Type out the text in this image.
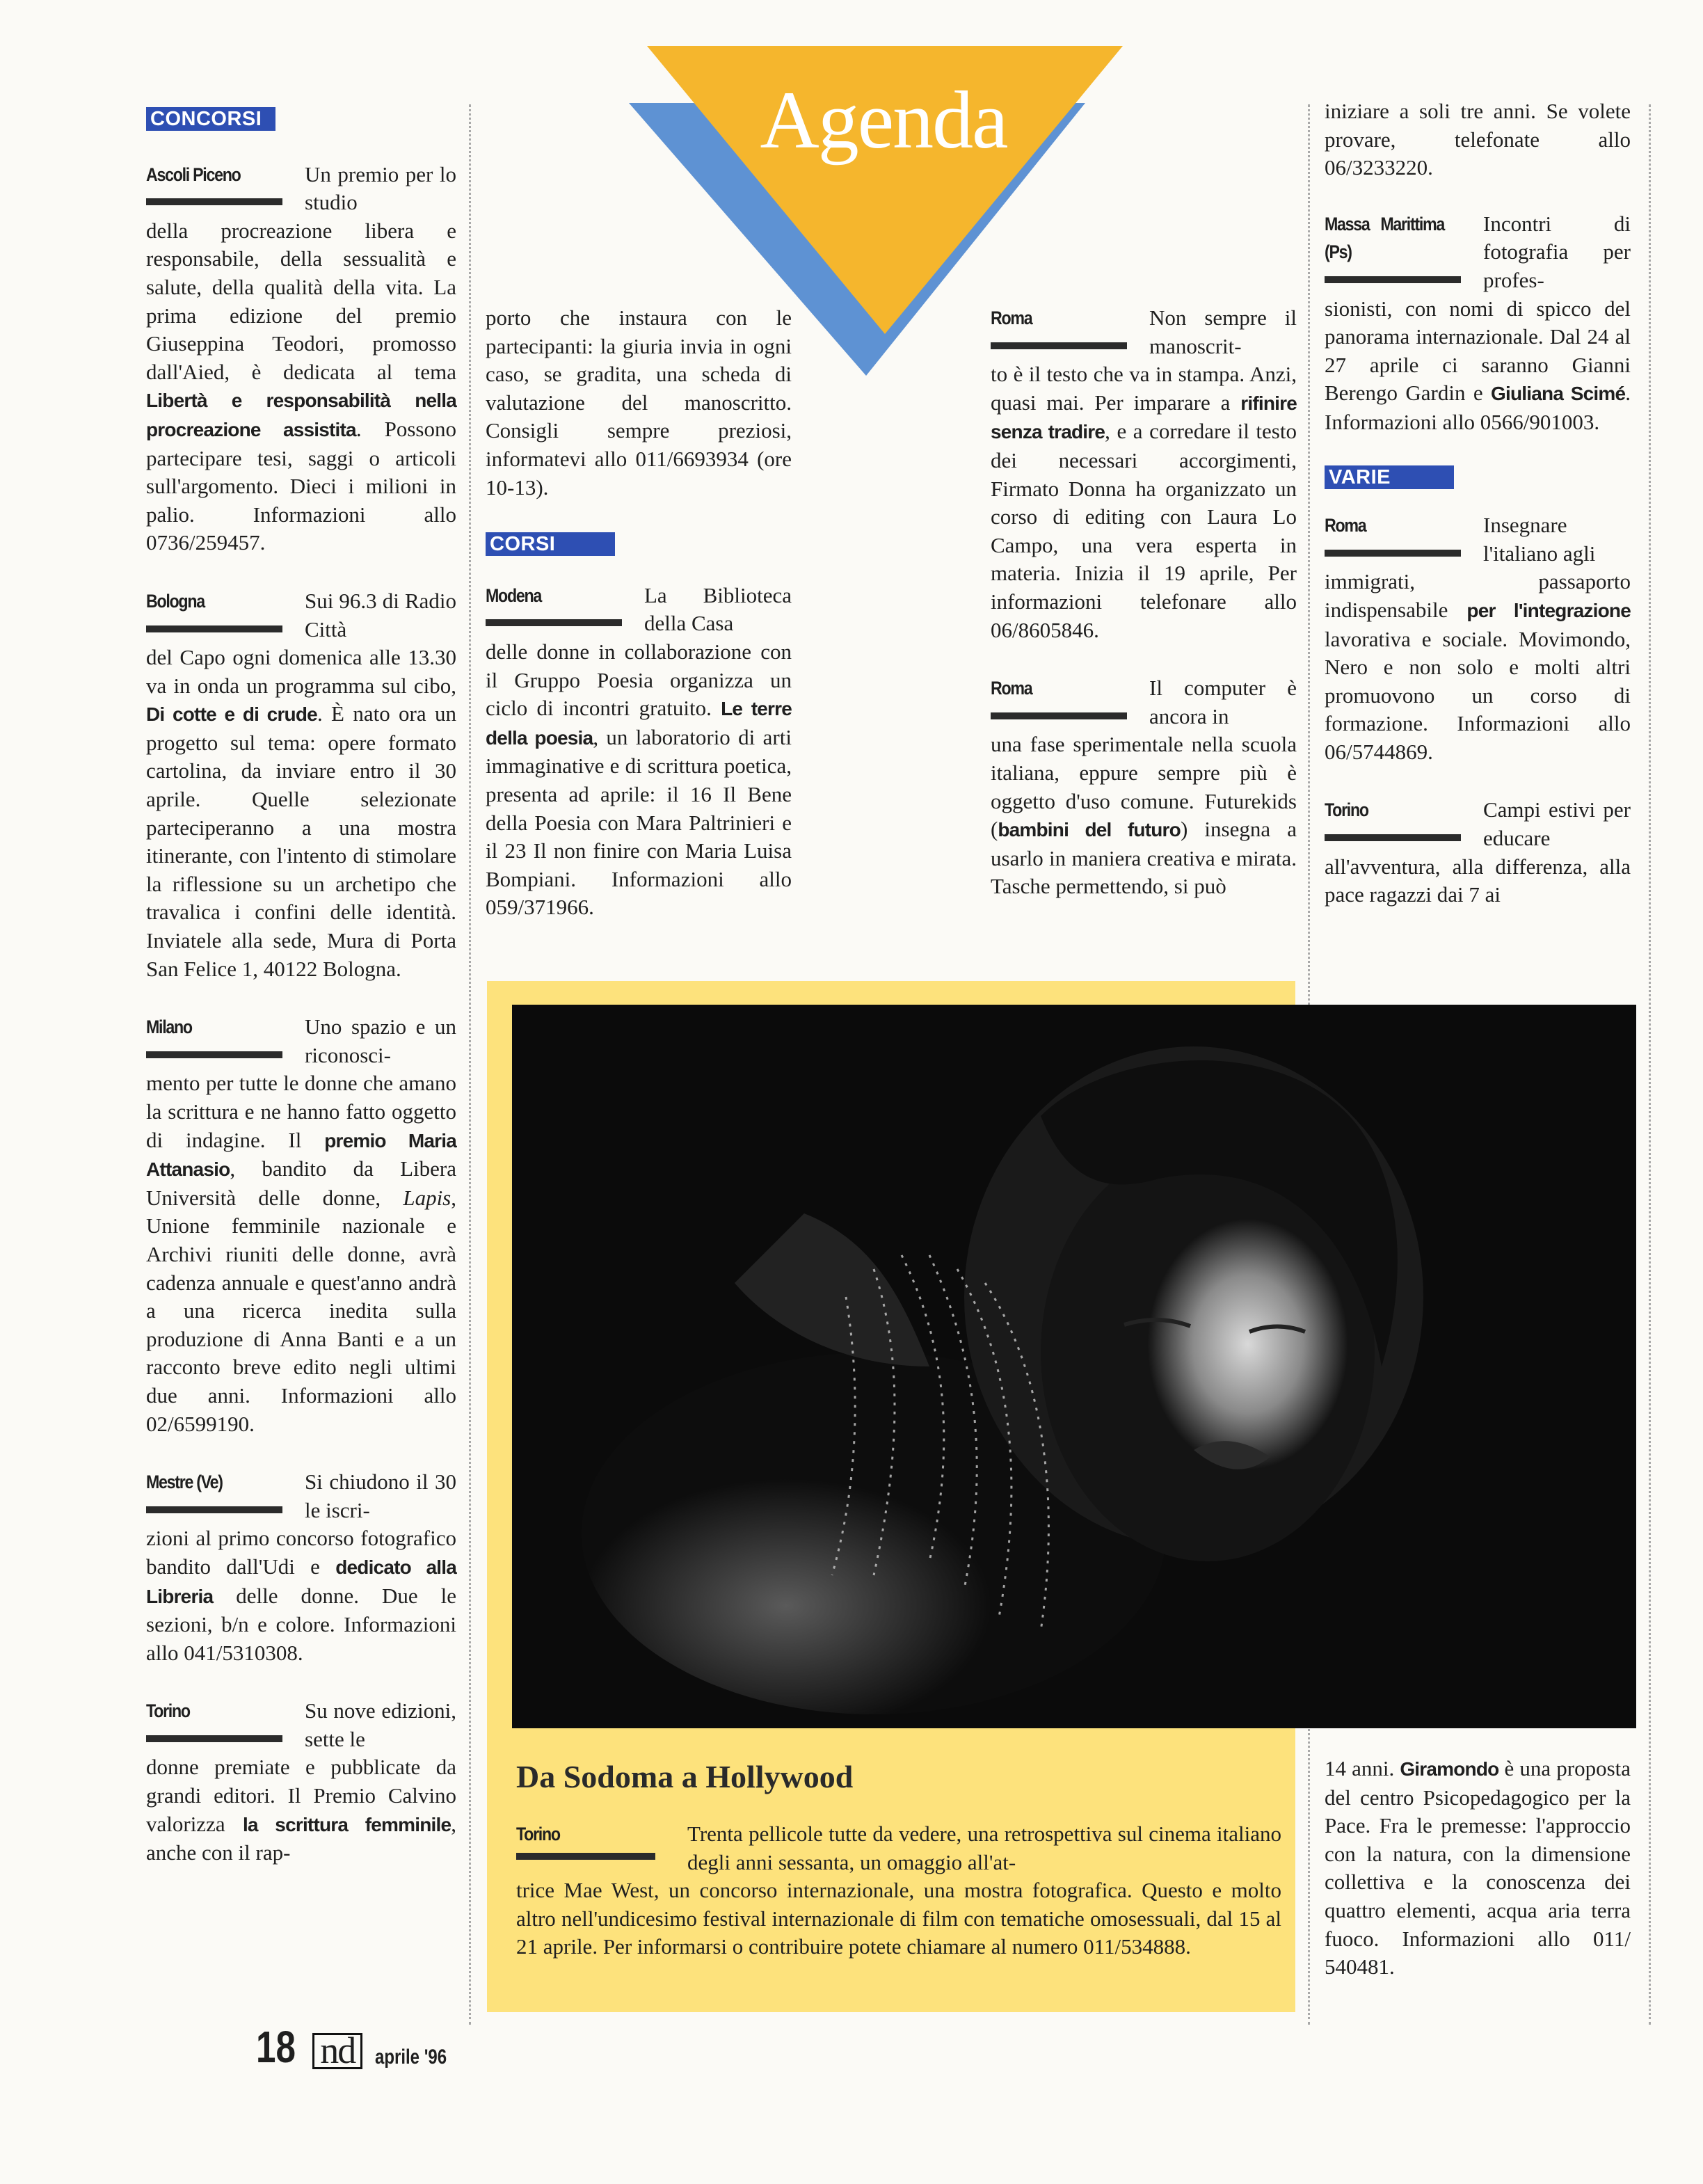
Agenda
CONCORSI
Ascoli Piceno	Un premio per lo studio

della procreazione libera e responsabile, della sessualità e salute, della qualità della vita. La prima edizione del premio Giuseppina Teodori, promosso dall'Aied, è dedicata al tema Libertà e responsabilità nella procreazione assistita. Possono partecipare tesi, saggi o articoli sull'argomento. Dieci i milioni in palio. Informazioni allo 0736/259457.

Bologna	Sui 96.3 di Radio Città

del Capo ogni domenica alle 13.30 va in onda un programma sul cibo, Di cotte e di crude. È nato ora un progetto sul tema: opere formato cartolina, da inviare entro il 30 aprile. Quelle selezionate parteciperanno a una mostra itinerante, con l'intento di stimolare la riflessione su un archetipo che travalica i confini delle identità. Inviatele alla sede, Mura di Porta San Felice 1, 40122 Bologna.

Milano	Uno spazio e un riconosci-

mento per tutte le donne che amano la scrittura e ne hanno fatto oggetto di indagine. Il premio Maria Attanasio, bandito da Libera Università delle donne, Lapis, Unione femminile nazionale e Archivi riuniti delle donne, avrà cadenza annuale e quest'anno andrà a una ricerca inedita sulla produzione di Anna Banti e a un racconto breve edito negli ultimi due anni. Informazioni allo 02/6599190.

Mestre (Ve)	Si chiudono il 30 le iscri-

zioni al primo concorso fotografico bandito dall'Udi e dedicato alla Libreria delle donne. Due le sezioni, b/n e colore. Informazioni allo 041/5310308.

Torino	Su nove edizioni, sette le

donne premiate e pubblicate da grandi editori. Il Premio Calvino valorizza la scrittura femminile, anche con il rap-

porto che instaura con le partecipanti: la giuria invia in ogni caso, se gradita, una scheda di valutazione del manoscritto. Consigli sempre preziosi, informatevi allo 011/6693934 (ore 10-13).

CORSI
Modena	La Biblioteca della Casa

delle donne in collaborazione con il Gruppo Poesia organizza un ciclo di incontri gratuito. Le terre della poesia, un laboratorio di arti immaginative e di scrittura poetica, presenta ad aprile: il 16 Il Bene della Poesia con Mara Paltrinieri e il 23 Il non finire con Maria Luisa Bompiani. Informazioni allo 059/371966.

Roma	Non sempre il manoscrit-

to è il testo che va in stampa. Anzi, quasi mai. Per imparare a rifinire senza tradire, e a corredare il testo dei necessari accorgimenti, Firmato Donna ha organizzato un corso di editing con Laura Lo Campo, una vera esperta in materia. Inizia il 19 aprile, Per informazioni telefonare allo 06/8605846.

Roma	Il computer è ancora in

una fase sperimentale nella scuola italiana, eppure sempre più è oggetto d'uso comune. Futurekids (bambini del futuro) insegna a usarlo in maniera creativa e mirata. Tasche permettendo, si può

iniziare a soli tre anni. Se volete provare, telefonate allo 06/3233220.

Massa Marittima (Ps)
Incontri di fotografia per profes-

sionisti, con nomi di spicco del panorama internazionale. Dal 24 al 27 aprile ci saranno Gianni Berengo Gardin e Giuliana Scimé. Informazioni allo 0566/901003.

VARIE
Roma	Insegnare l'italiano agli

immigrati, passaporto indispensabile per l'integrazione lavorativa e sociale. Movimondo, Nero e non solo e molti altri promuovono un corso di formazione. Informazioni allo 06/5744869.

Torino	Campi estivi per educare

all'avventura, alla differenza, alla pace ragazzi dai 7 ai

14 anni. Giramondo è una proposta del centro Psicopedagogico per la Pace. Fra le premesse: l'approccio con la natura, con la dimensione collettiva e la conoscenza dei quattro elementi, acqua aria terra fuoco. Informazioni allo 011/ 540481.

Da Sodoma a Hollywood
Torino	Trenta pellicole tutte da vedere, una retrospettiva sul cinema italiano degli anni sessanta, un omaggio all'at-

trice Mae West, un concorso internazionale, una mostra fotografica. Questo e molto altro nell'undicesimo festival internazionale di film con tematiche omosessuali, dal 15 al 21 aprile. Per informarsi o contribuire potete chiamare al numero 011/534888.

18 nd aprile '96
